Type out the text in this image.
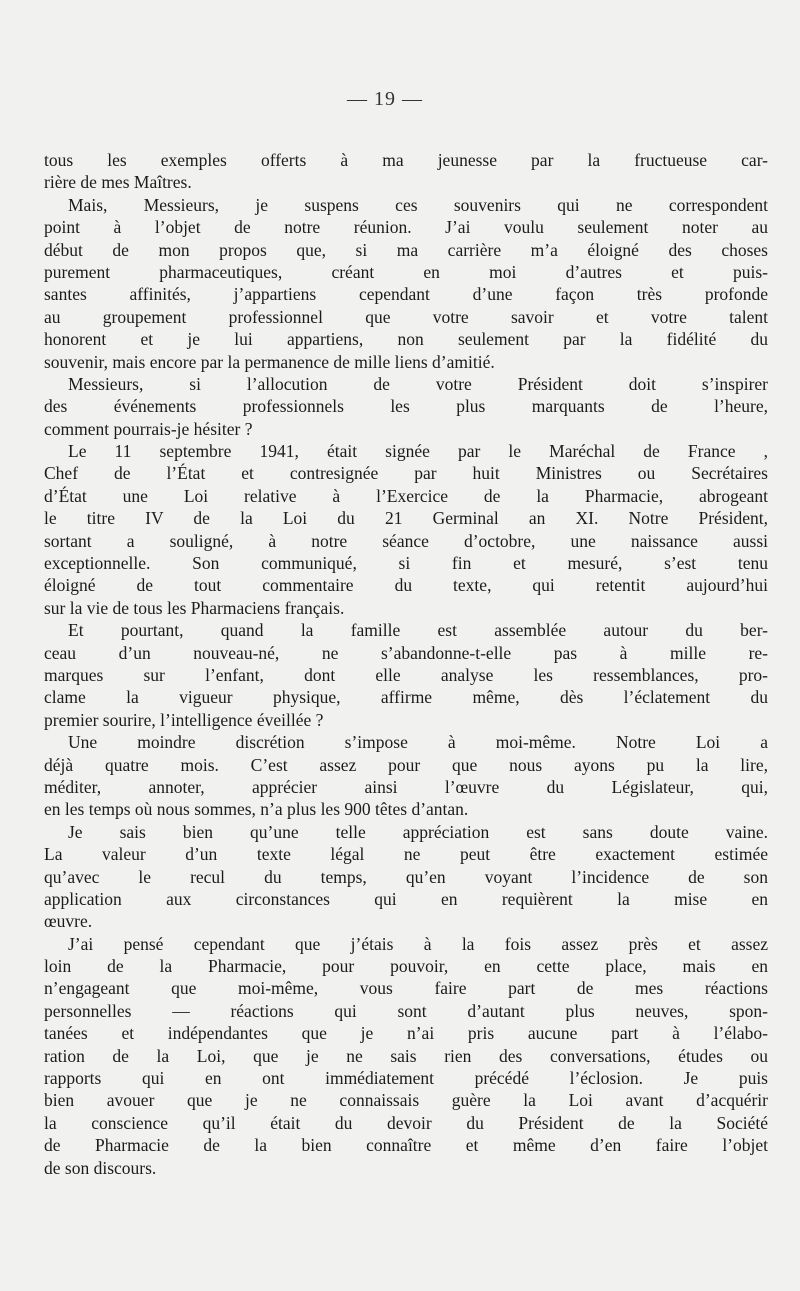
— 19 —
tous les exemples offerts à ma jeunesse par la fructueuse car-
rière de mes Maîtres.
Mais, Messieurs, je suspens ces souvenirs qui ne correspondent
point à l’objet de notre réunion. J’ai voulu seulement noter au
début de mon propos que, si ma carrière m’a éloigné des choses
purement pharmaceutiques, créant en moi d’autres et puis-
santes affinités, j’appartiens cependant d’une façon très profonde
au groupement professionnel que votre savoir et votre talent
honorent et je lui appartiens, non seulement par la fidélité du
souvenir, mais encore par la permanence de mille liens d’amitié.
Messieurs, si l’allocution de votre Président doit s’inspirer
des événements professionnels les plus marquants de l’heure,
comment pourrais-je hésiter ?
Le 11 septembre 1941, était signée par le Maréchal de France ,
Chef de l’État et contresignée par huit Ministres ou Secrétaires
d’État une Loi relative à l’Exercice de la Pharmacie, abrogeant
le titre IV de la Loi du 21 Germinal an XI. Notre Président,
sortant a souligné, à notre séance d’octobre, une naissance aussi
exceptionnelle. Son communiqué, si fin et mesuré, s’est tenu
éloigné de tout commentaire du texte, qui retentit aujourd’hui
sur la vie de tous les Pharmaciens français.
Et pourtant, quand la famille est assemblée autour du ber-
ceau d’un nouveau-né, ne s’abandonne-t-elle pas à mille re-
marques sur l’enfant, dont elle analyse les ressemblances, pro-
clame la vigueur physique, affirme même, dès l’éclatement du
premier sourire, l’intelligence éveillée ?
Une moindre discrétion s’impose à moi-même. Notre Loi a
déjà quatre mois. C’est assez pour que nous ayons pu la lire,
méditer, annoter, apprécier ainsi l’œuvre du Législateur, qui,
en les temps où nous sommes, n’a plus les 900 têtes d’antan.
Je sais bien qu’une telle appréciation est sans doute vaine.
La valeur d’un texte légal ne peut être exactement estimée
qu’avec le recul du temps, qu’en voyant l’incidence de son
application aux circonstances qui en requièrent la mise en
œuvre.
J’ai pensé cependant que j’étais à la fois assez près et assez
loin de la Pharmacie, pour pouvoir, en cette place, mais en
n’engageant que moi-même, vous faire part de mes réactions
personnelles — réactions qui sont d’autant plus neuves, spon-
tanées et indépendantes que je n’ai pris aucune part à l’élabo-
ration de la Loi, que je ne sais rien des conversations, études ou
rapports qui en ont immédiatement précédé l’éclosion. Je puis
bien avouer que je ne connaissais guère la Loi avant d’acquérir
la conscience qu’il était du devoir du Président de la Société
de Pharmacie de la bien connaître et même d’en faire l’objet
de son discours.
